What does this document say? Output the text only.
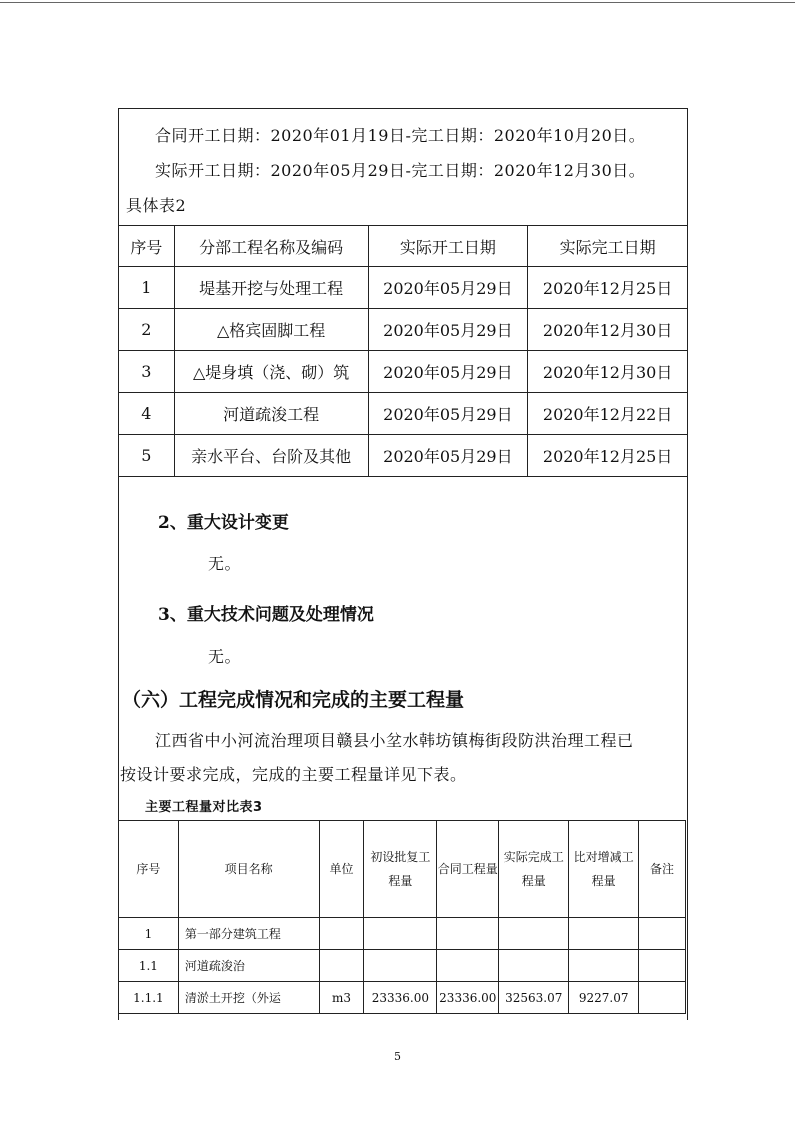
合同开工日期：2020年01月19日-完工日期：2020年10月20日。
实际开工日期：2020年05月29日-完工日期：2020年12月30日。
具体表2
序号	分部工程名称及编码	实际开工日期	实际完工日期
1	堤基开挖与处理工程	2020年05月29日	2020年12月25日
2	△格宾固脚工程	2020年05月29日	2020年12月30日
3	△堤身填（浇、砌）筑	2020年05月29日	2020年12月30日
4	河道疏浚工程	2020年05月29日	2020年12月22日
5	亲水平台、台阶及其他	2020年05月29日	2020年12月25日
2、重大设计变更
无。
3、重大技术问题及处理情况
无。
（六）工程完成情况和完成的主要工程量
江西省中小河流治理项目赣县小坌水韩坊镇梅街段防洪治理工程已
按设计要求完成，完成的主要工程量详见下表。
主要工程量对比表3
序号	项目名称	单位	初设批复工程量	合同工程量	实际完成工程量	比对增减工程量	备注
1	第一部分建筑工程						
1.1	河道疏浚治						
1.1.1	清淤土开挖（外运	m3	23336.00	23336.00	32563.07	9227.07	
5
